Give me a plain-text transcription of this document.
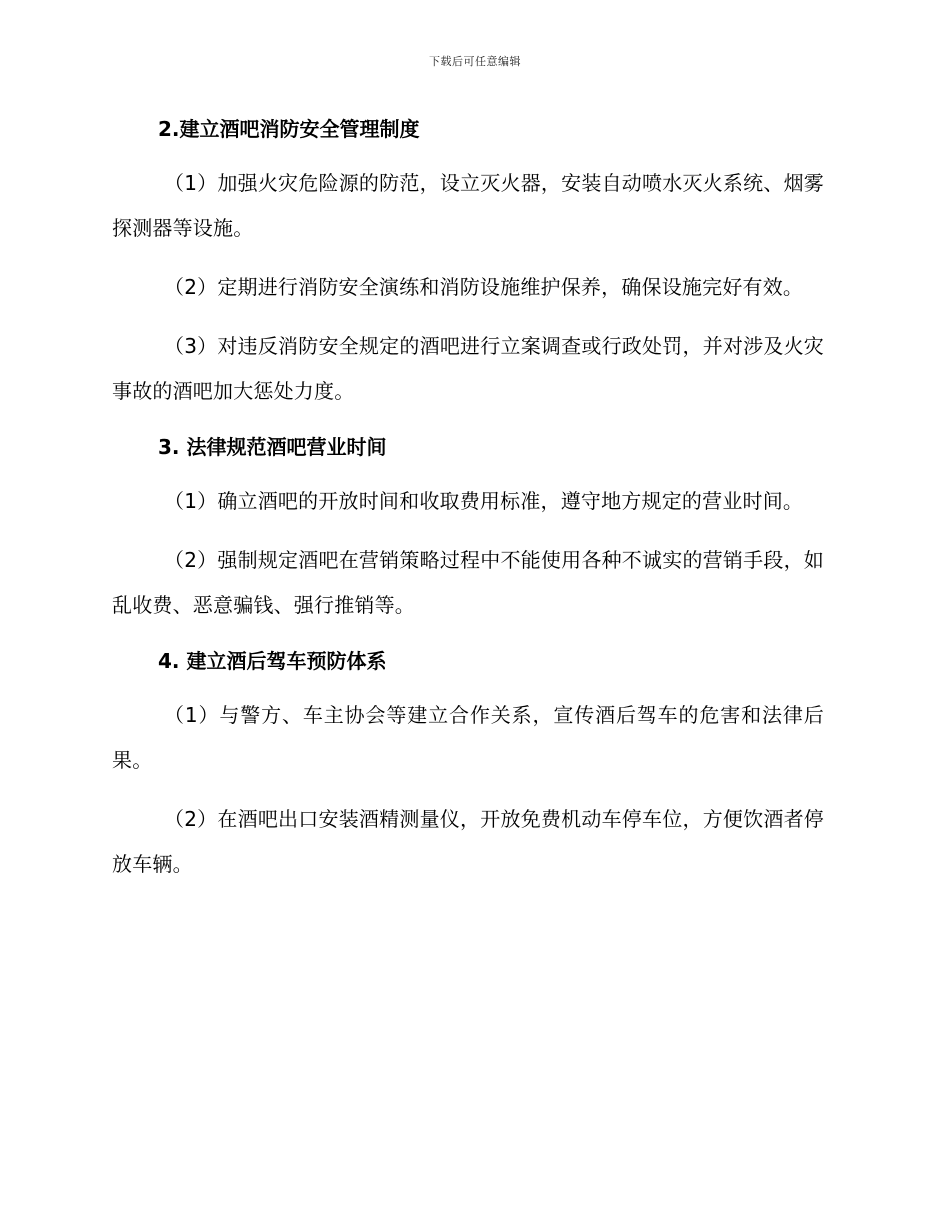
下载后可任意编辑
2.建立酒吧消防安全管理制度

（1）加强火灾危险源的防范，设立灭火器，安装自动喷水灭火系统、烟雾探测器等设施。

（2）定期进行消防安全演练和消防设施维护保养，确保设施完好有效。

（3）对违反消防安全规定的酒吧进行立案调查或行政处罚，并对涉及火灾事故的酒吧加大惩处力度。

3. 法律规范酒吧营业时间

（1）确立酒吧的开放时间和收取费用标准，遵守地方规定的营业时间。

（2）强制规定酒吧在营销策略过程中不能使用各种不诚实的营销手段，如乱收费、恶意骗钱、强行推销等。

4. 建立酒后驾车预防体系

（1）与警方、车主协会等建立合作关系，宣传酒后驾车的危害和法律后果。

（2）在酒吧出口安装酒精测量仪，开放免费机动车停车位，方便饮酒者停放车辆。
